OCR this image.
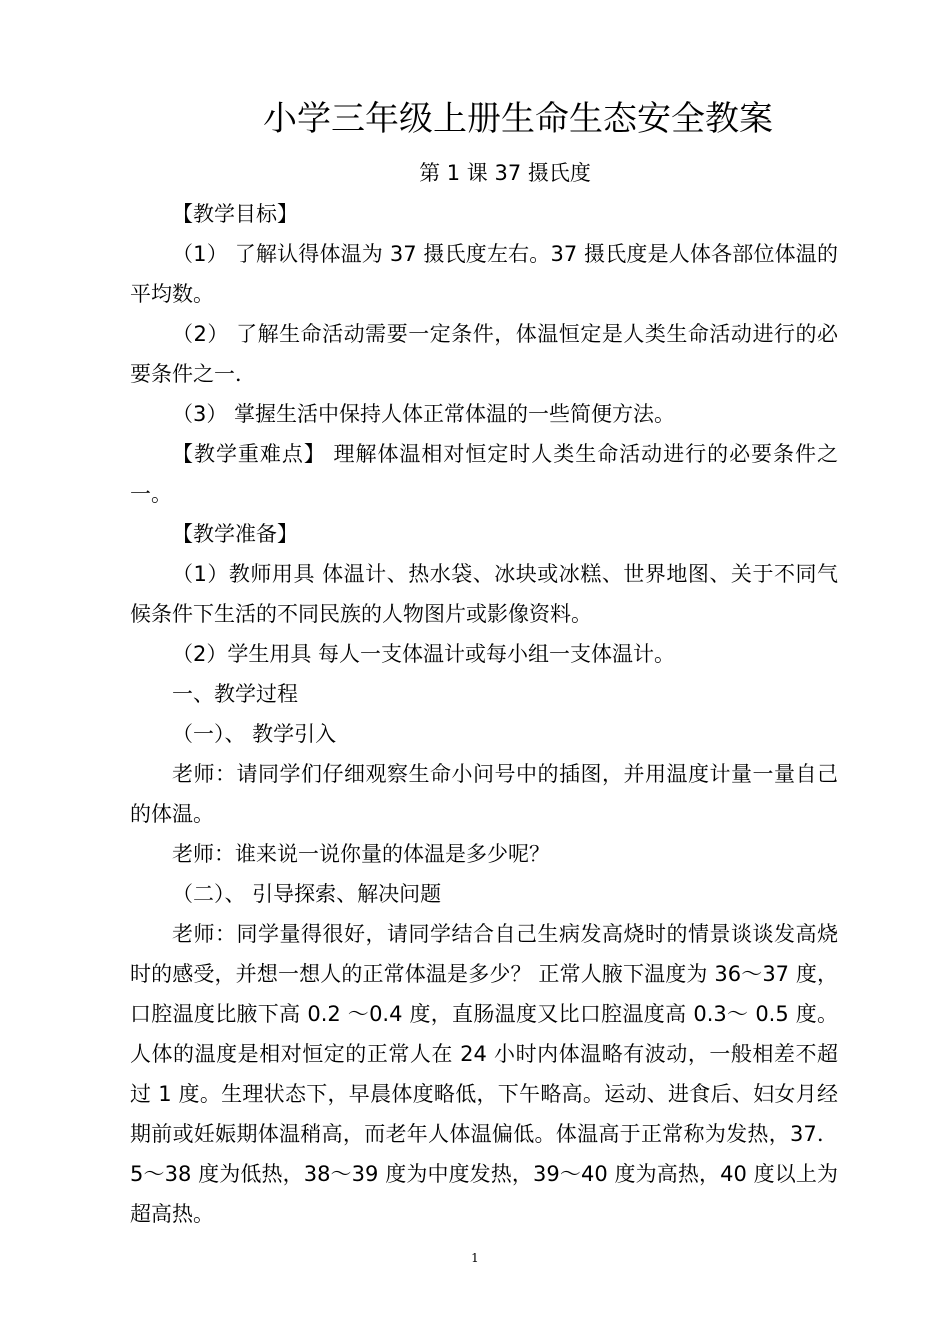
小学三年级上册生命生态安全教案
第 1 课 37 摄氏度

【教学目标】

（1） 了解认得体温为 37 摄氏度左右。37 摄氏度是人体各部位体温的平均数。

（2） 了解生命活动需要一定条件，体温恒定是人类生命活动进行的必要条件之一．

（3） 掌握生活中保持人体正常体温的一些简便方法。

【教学重难点】 理解体温相对恒定时人类生命活动进行的必要条件之一。

【教学准备】

（1）教师用具 体温计、热水袋、冰块或冰糕、世界地图、关于不同气候条件下生活的不同民族的人物图片或影像资料。

（2）学生用具 每人一支体温计或每小组一支体温计。

一、教学过程

（一）、 教学引入

老师：请同学们仔细观察生命小问号中的插图，并用温度计量一量自己的体温。

老师：谁来说一说你量的体温是多少呢？

（二）、 引导探索、解决问题

老师：同学量得很好，请同学结合自己生病发高烧时的情景谈谈发高烧时的感受，并想一想人的正常体温是多少？ 正常人腋下温度为 36～37 度，口腔温度比腋下高 0.2 ～0.4 度，直肠温度又比口腔温度高 0.3～ 0.5 度。人体的温度是相对恒定的正常人在 24 小时内体温略有波动，一般相差不超过 1 度。生理状态下，早晨体度略低，下午略高。运动、进食后、妇女月经期前或妊娠期体温稍高，而老年人体温偏低。体温高于正常称为发热，37．5～38 度为低热，38～39 度为中度发热，39～40 度为高热，40 度以上为超高热。

1
